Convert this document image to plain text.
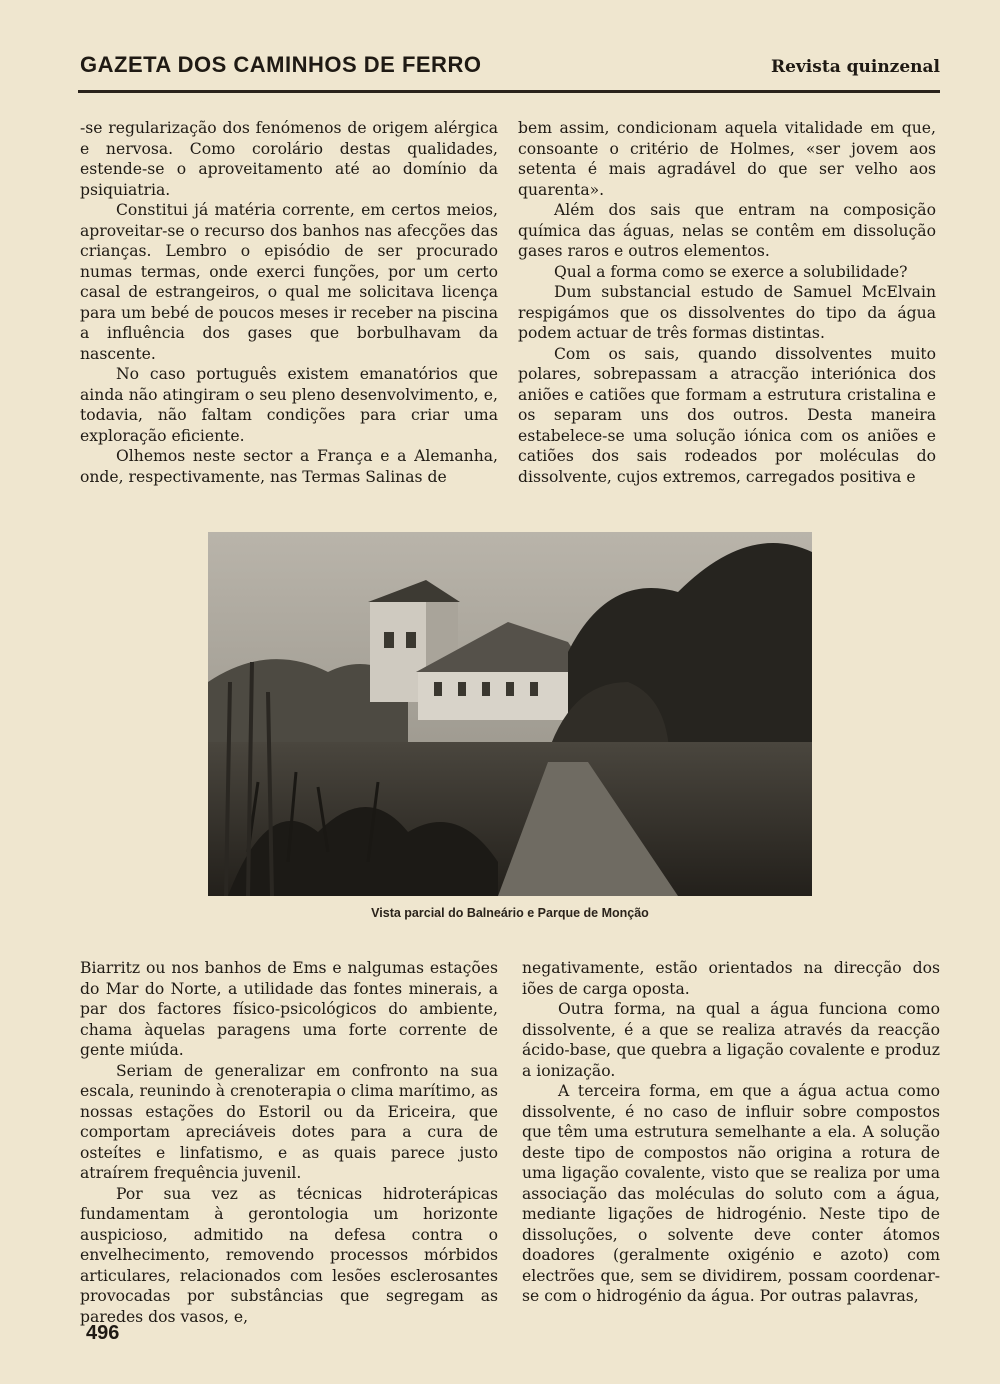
GAZETA DOS CAMINHOS DE FERRO	Revista quinzenal

-se regularização dos fenómenos de origem alérgica e nervosa. Como corolário destas qualidades, estende-se o aproveitamento até ao domínio da psiquiatria.

Constitui já matéria corrente, em certos meios, aproveitar-se o recurso dos banhos nas afecções das crianças. Lembro o episódio de ser procurado numas termas, onde exerci funções, por um certo casal de estrangeiros, o qual me solicitava licença para um bebé de poucos meses ir receber na piscina a influência dos gases que borbulhavam da nascente.

No caso português existem emanatórios que ainda não atingiram o seu pleno desenvolvimento, e, todavia, não faltam condições para criar uma exploração eficiente.

Olhemos neste sector a França e a Alemanha, onde, respectivamente, nas Termas Salinas de

bem assim, condicionam aquela vitalidade em que, consoante o critério de Holmes, «ser jovem aos setenta é mais agradável do que ser velho aos quarenta».

Além dos sais que entram na composição química das águas, nelas se contêm em dissolução gases raros e outros elementos.

Qual a forma como se exerce a solubilidade?

Dum substancial estudo de Samuel McElvain respigámos que os dissolventes do tipo da água podem actuar de três formas distintas.

Com os sais, quando dissolventes muito polares, sobrepassam a atracção interiónica dos aniões e catiões que formam a estrutura cristalina e os separam uns dos outros. Desta maneira estabelece-se uma solução iónica com os aniões e catiões dos sais rodeados por moléculas do dissolvente, cujos extremos, carregados positiva e

Vista parcial do Balneário e Parque de Monção

Biarritz ou nos banhos de Ems e nalgumas estações do Mar do Norte, a utilidade das fontes minerais, a par dos factores físico-psicológicos do ambiente, chama àquelas paragens uma forte corrente de gente miúda.

Seriam de generalizar em confronto na sua escala, reunindo à crenoterapia o clima marítimo, as nossas estações do Estoril ou da Ericeira, que comportam apreciáveis dotes para a cura de osteítes e linfatismo, e as quais parece justo atraírem frequência juvenil.

Por sua vez as técnicas hidroterápicas fundamentam à gerontologia um horizonte auspicioso, admitido na defesa contra o envelhecimento, removendo processos mórbidos articulares, relacionados com lesões esclerosantes provocadas por substâncias que segregam as paredes dos vasos, e,

negativamente, estão orientados na direcção dos iões de carga oposta.

Outra forma, na qual a água funciona como dissolvente, é a que se realiza através da reacção ácido-base, que quebra a ligação covalente e produz a ionização.

A terceira forma, em que a água actua como dissolvente, é no caso de influir sobre compostos que têm uma estrutura semelhante a ela. A solução deste tipo de compostos não origina a rotura de uma ligação covalente, visto que se realiza por uma associação das moléculas do soluto com a água, mediante ligações de hidrogénio. Neste tipo de dissoluções, o solvente deve conter átomos doadores (geralmente oxigénio e azoto) com electrões que, sem se dividirem, possam coordenar-se com o hidrogénio da água. Por outras palavras,

496
